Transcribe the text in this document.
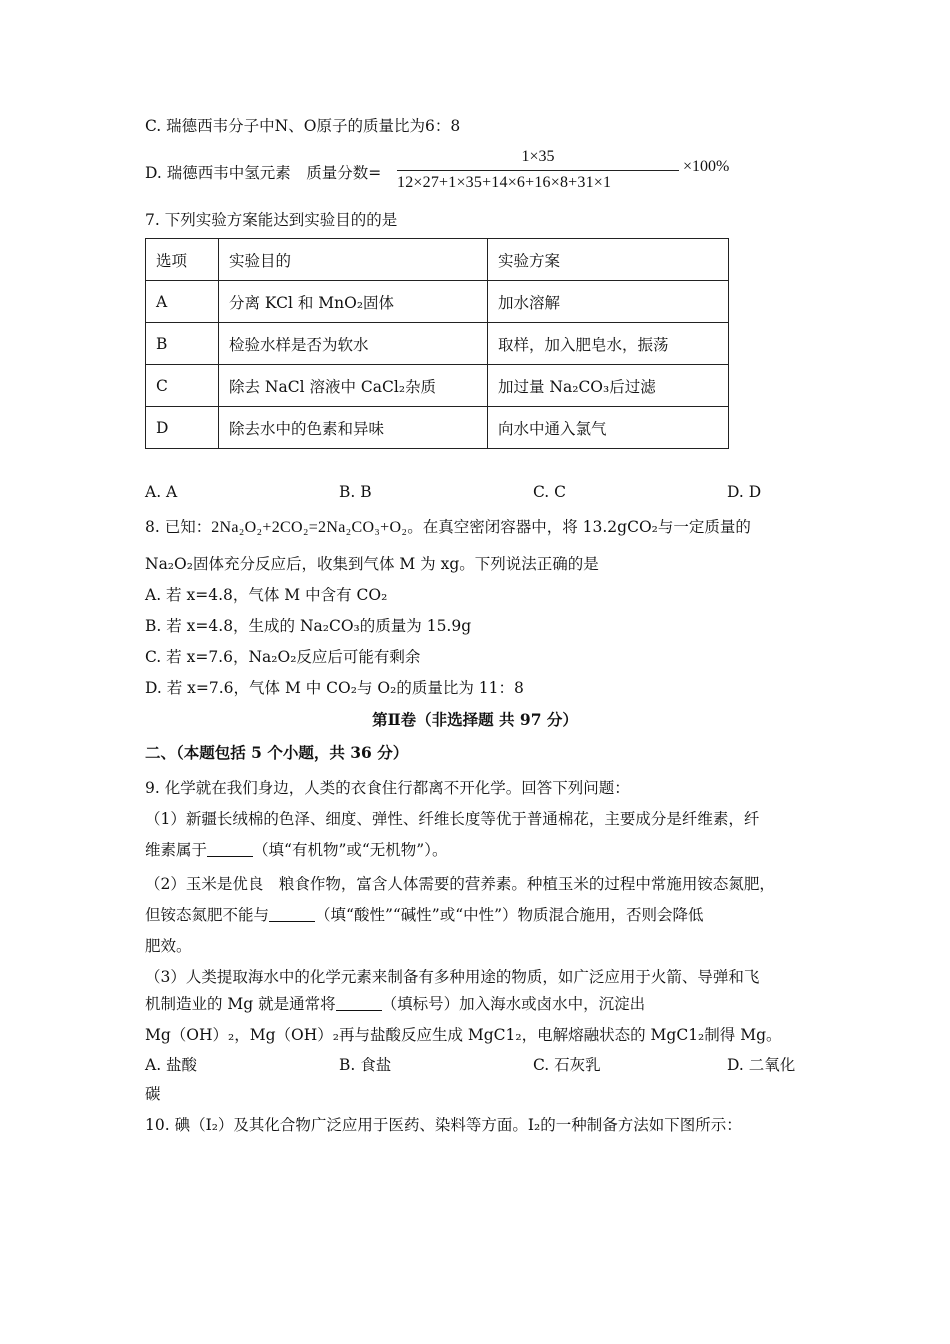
C. 瑞德西韦分子中N、O原子的质量比为6：8
D. 瑞德西韦中氢元素　质量分数=
1×35
12×27+1×35+14×6+16×8+31×1
×100%
7. 下列实验方案能达到实验目的的是
选项	实验目的	实验方案
A	分离 KCl 和 MnO₂固体	加水溶解
B	检验水样是否为软水	取样，加入肥皂水，振荡
C	除去 NaCl 溶液中 CaCl₂杂质	加过量 Na₂CO₃后过滤
D	除去水中的色素和异味	向水中通入氯气
A. A	B. B	C. C	D. D
8. 已知：2Na₂O₂+2CO₂=2Na₂CO₃+O₂。在真空密闭容器中，将 13.2gCO₂与一定质量的
Na₂O₂固体充分反应后，收集到气体 M 为 xg。下列说法正确的是
A. 若 x=4.8，气体 M 中含有 CO₂
B. 若 x=4.8，生成的 Na₂CO₃的质量为 15.9g
C. 若 x=7.6，Na₂O₂反应后可能有剩余
D. 若 x=7.6，气体 M 中 CO₂与 O₂的质量比为 11：8
第Ⅱ卷（非选择题 共 97 分）
二、（本题包括 5 个小题，共 36 分）
9. 化学就在我们身边，人类的衣食住行都离不开化学。回答下列问题：
（1）新疆长绒棉的色泽、细度、弹性、纤维长度等优于普通棉花，主要成分是纤维素，纤
维素属于	（填“有机物”或“无机物”）。
（2）玉米是优良　粮食作物，富含人体需要的营养素。种植玉米的过程中常施用铵态氮肥，
但铵态氮肥不能与	（填“酸性”“碱性”或“中性”）物质混合施用，否则会降低
肥效。
（3）人类提取海水中的化学元素来制备有多种用途的物质，如广泛应用于火箭、导弹和飞
机制造业的 Mg 就是通常将	（填标号）加入海水或卤水中，沉淀出
Mg（OH）₂，Mg（OH）₂再与盐酸反应生成 MgC1₂，电解熔融状态的 MgC1₂制得 Mg。
A. 盐酸	B. 食盐	C. 石灰乳	D. 二氧化
碳
10. 碘（I₂）及其化合物广泛应用于医药、染料等方面。I₂的一种制备方法如下图所示：
